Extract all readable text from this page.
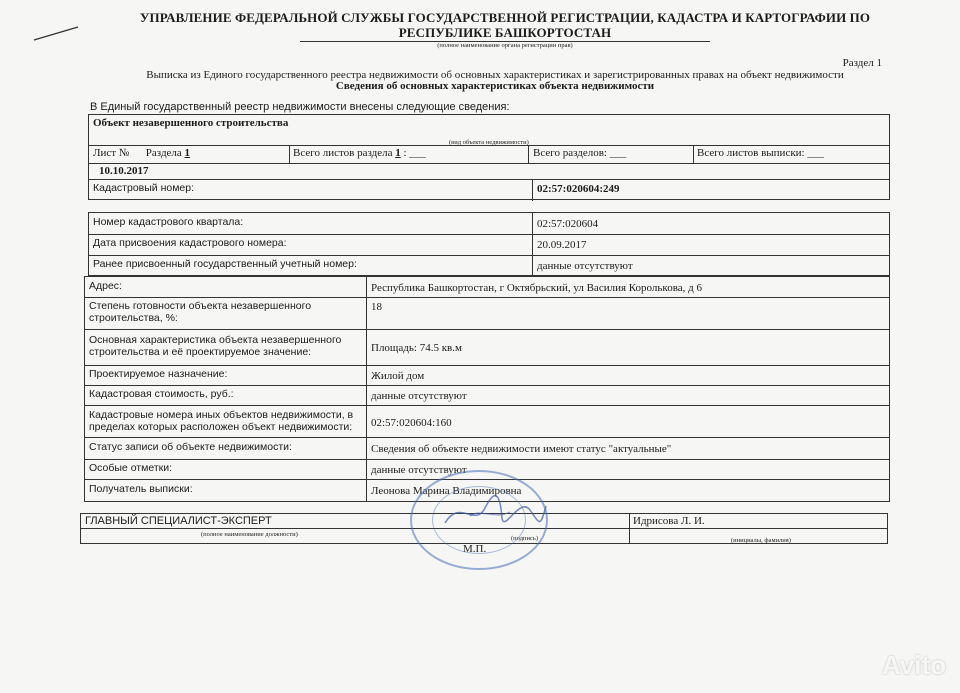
УПРАВЛЕНИЕ ФЕДЕРАЛЬНОЙ СЛУЖБЫ ГОСУДАРСТВЕННОЙ РЕГИСТРАЦИИ, КАДАСТРА И КАРТОГРАФИИ ПО РЕСПУБЛИКЕ БАШКОРТОСТАН
(полное наименование органа регистрации прав)
Раздел 1
Выписка из Единого государственного реестра недвижимости об основных характеристиках и зарегистрированных правах на объект недвижимости
Сведения об основных характеристиках объекта недвижимости
В Единый государственный реестр недвижимости внесены следующие сведения:
Объект незавершенного строительства
(вид объекта недвижимости)
Лист № Раздела 1	Всего листов раздела 1 : ___	Всего разделов: ___	Всего листов выписки: ___
10.10.2017
Кадастровый номер:	02:57:020604:249
Номер кадастрового квартала:	02:57:020604
Дата присвоения кадастрового номера:	20.09.2017
Ранее присвоенный государственный учетный номер:	данные отсутствуют
Адрес:	Республика Башкортостан, г Октябрьский, ул Василия Королькова, д 6
Степень готовности объекта незавершенного строительства, %:
18
Основная характеристика объекта незавершенного строительства и её проектируемое значение:	Площадь: 74.5 кв.м
Проектируемое назначение:	Жилой дом
Кадастровая стоимость, руб.:	данные отсутствуют
Кадастровые номера иных объектов недвижимости, в пределах которых расположен объект недвижимости:	02:57:020604:160
Статус записи об объекте недвижимости:	Сведения об объекте недвижимости имеют статус "актуальные"
Особые отметки:	данные отсутствуют
Получатель выписки:	Леонова Марина Владимировна
ГЛАВНЫЙ СПЕЦИАЛИСТ-ЭКСПЕРТ	Идрисова Л. И.
(полное наименование должности)
(подпись)	(инициалы, фамилия)
М.П.
Avito
